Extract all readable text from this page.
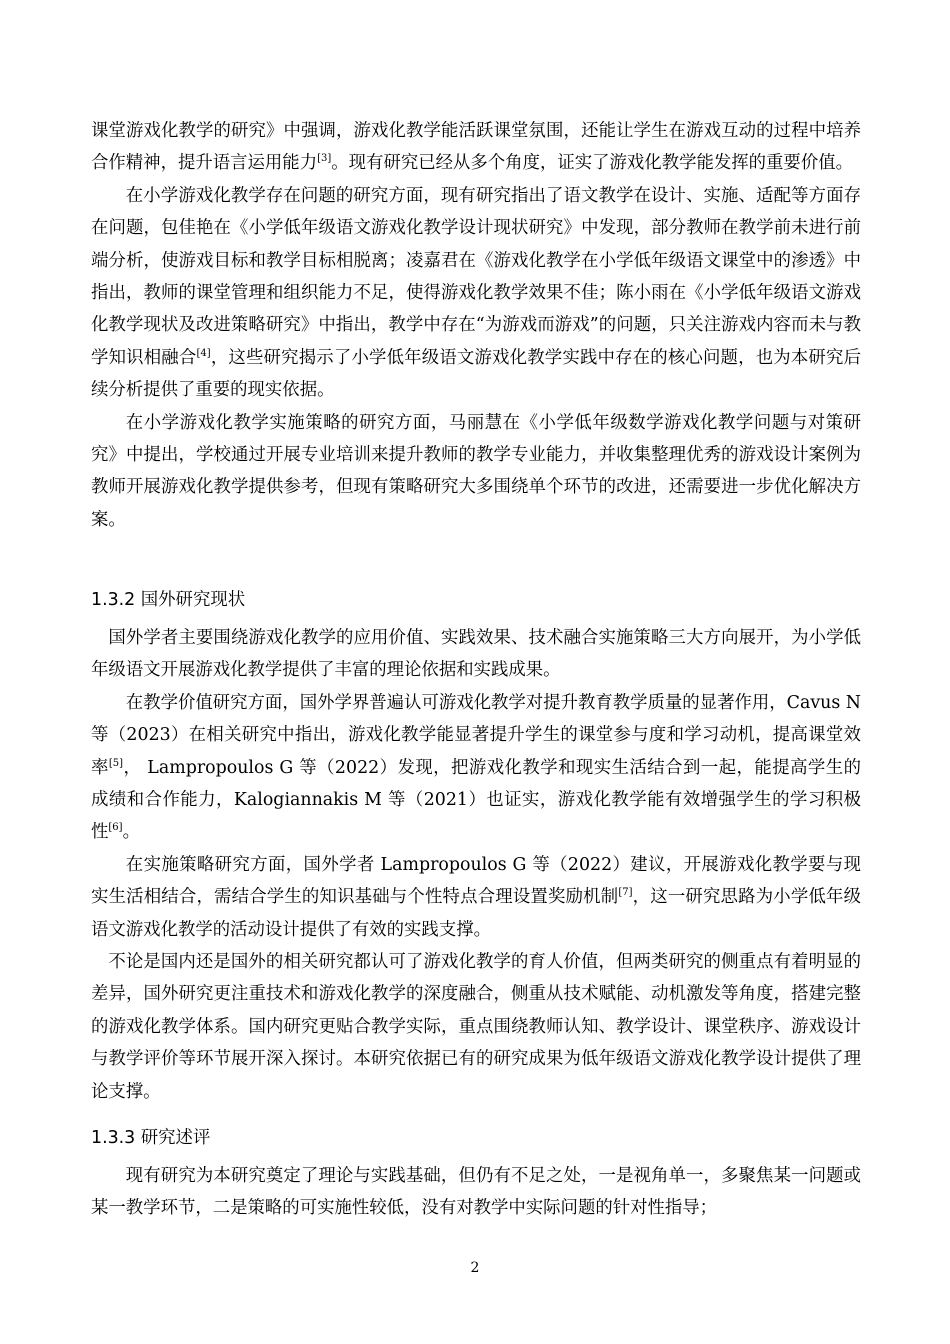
课堂游戏化教学的研究》中强调，游戏化教学能活跃课堂氛围，还能让学生在游戏互动的过程中培养合作精神，提升语言运用能力[3]。现有研究已经从多个角度，证实了游戏化教学能发挥的重要价值。

在小学游戏化教学存在问题的研究方面，现有研究指出了语文教学在设计、实施、适配等方面存在问题，包佳艳在《小学低年级语文游戏化教学设计现状研究》中发现，部分教师在教学前未进行前端分析，使游戏目标和教学目标相脱离；凌嘉君在《游戏化教学在小学低年级语文课堂中的渗透》中指出，教师的课堂管理和组织能力不足，使得游戏化教学效果不佳；陈小雨在《小学低年级语文游戏化教学现状及改进策略研究》中指出，教学中存在“为游戏而游戏”的问题，只关注游戏内容而未与教学知识相融合[4]，这些研究揭示了小学低年级语文游戏化教学实践中存在的核心问题，也为本研究后续分析提供了重要的现实依据。

在小学游戏化教学实施策略的研究方面，马丽慧在《小学低年级数学游戏化教学问题与对策研究》中提出，学校通过开展专业培训来提升教师的教学专业能力，并收集整理优秀的游戏设计案例为教师开展游戏化教学提供参考，但现有策略研究大多围绕单个环节的改进，还需要进一步优化解决方案。

1.3.2 国外研究现状

国外学者主要围绕游戏化教学的应用价值、实践效果、技术融合实施策略三大方向展开，为小学低年级语文开展游戏化教学提供了丰富的理论依据和实践成果。

在教学价值研究方面，国外学界普遍认可游戏化教学对提升教育教学质量的显著作用，Cavus N 等（2023）在相关研究中指出，游戏化教学能显著提升学生的课堂参与度和学习动机，提高课堂效率[5]， Lampropoulos G 等（2022）发现，把游戏化教学和现实生活结合到一起，能提高学生的成绩和合作能力，Kalogiannakis M 等（2021）也证实，游戏化教学能有效增强学生的学习积极性[6]。

在实施策略研究方面，国外学者 Lampropoulos G 等（2022）建议，开展游戏化教学要与现实生活相结合，需结合学生的知识基础与个性特点合理设置奖励机制[7]，这一研究思路为小学低年级语文游戏化教学的活动设计提供了有效的实践支撑。

不论是国内还是国外的相关研究都认可了游戏化教学的育人价值，但两类研究的侧重点有着明显的差异，国外研究更注重技术和游戏化教学的深度融合，侧重从技术赋能、动机激发等角度，搭建完整的游戏化教学体系。国内研究更贴合教学实际，重点围绕教师认知、教学设计、课堂秩序、游戏设计与教学评价等环节展开深入探讨。本研究依据已有的研究成果为低年级语文游戏化教学设计提供了理论支撑。

1.3.3 研究述评

现有研究为本研究奠定了理论与实践基础，但仍有不足之处，一是视角单一，多聚焦某一问题或某一教学环节，二是策略的可实施性较低，没有对教学中实际问题的针对性指导；

2
